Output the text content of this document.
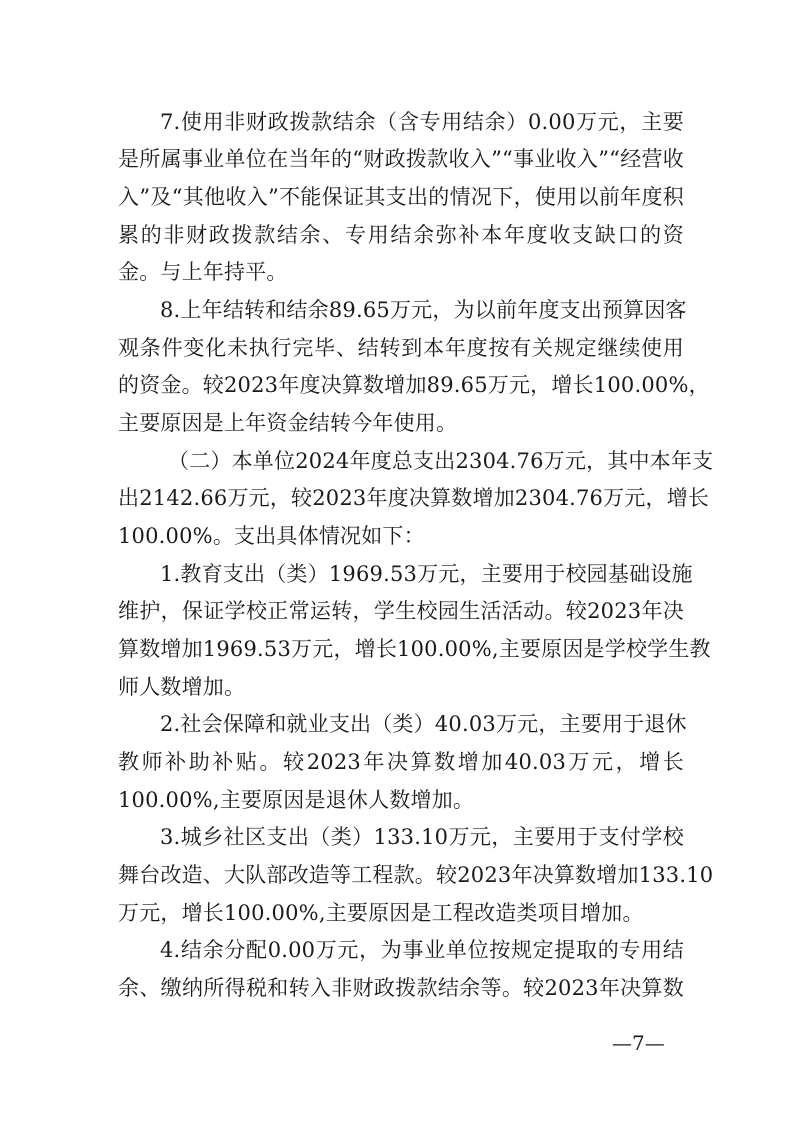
7.使用非财政拨款结余（含专用结余）0.00万元，主要
是所属事业单位在当年的“财政拨款收入”“事业收入”“经营收
入”及“其他收入”不能保证其支出的情况下，使用以前年度积
累的非财政拨款结余、专用结余弥补本年度收支缺口的资
金。与上年持平。
8.上年结转和结余89.65万元，为以前年度支出预算因客
观条件变化未执行完毕、结转到本年度按有关规定继续使用
的资金。较2023年度决算数增加89.65万元，增长100.00%，
主要原因是上年资金结转今年使用。
（二）本单位2024年度总支出2304.76万元，其中本年支
出2142.66万元，较2023年度决算数增加2304.76万元，增长
100.00%。支出具体情况如下：
1.教育支出（类）1969.53万元，主要用于校园基础设施
维护，保证学校正常运转，学生校园生活活动。较2023年决
算数增加1969.53万元，增长100.00%,主要原因是学校学生教
师人数增加。
2.社会保障和就业支出（类）40.03万元，主要用于退休
教师补助补贴。较2023年决算数增加40.03万元，增长
100.00%,主要原因是退休人数增加。
3.城乡社区支出（类）133.10万元，主要用于支付学校
舞台改造、大队部改造等工程款。较2023年决算数增加133.10
万元，增长100.00%,主要原因是工程改造类项目增加。
4.结余分配0.00万元，为事业单位按规定提取的专用结
余、缴纳所得税和转入非财政拨款结余等。较2023年决算数
—7—
